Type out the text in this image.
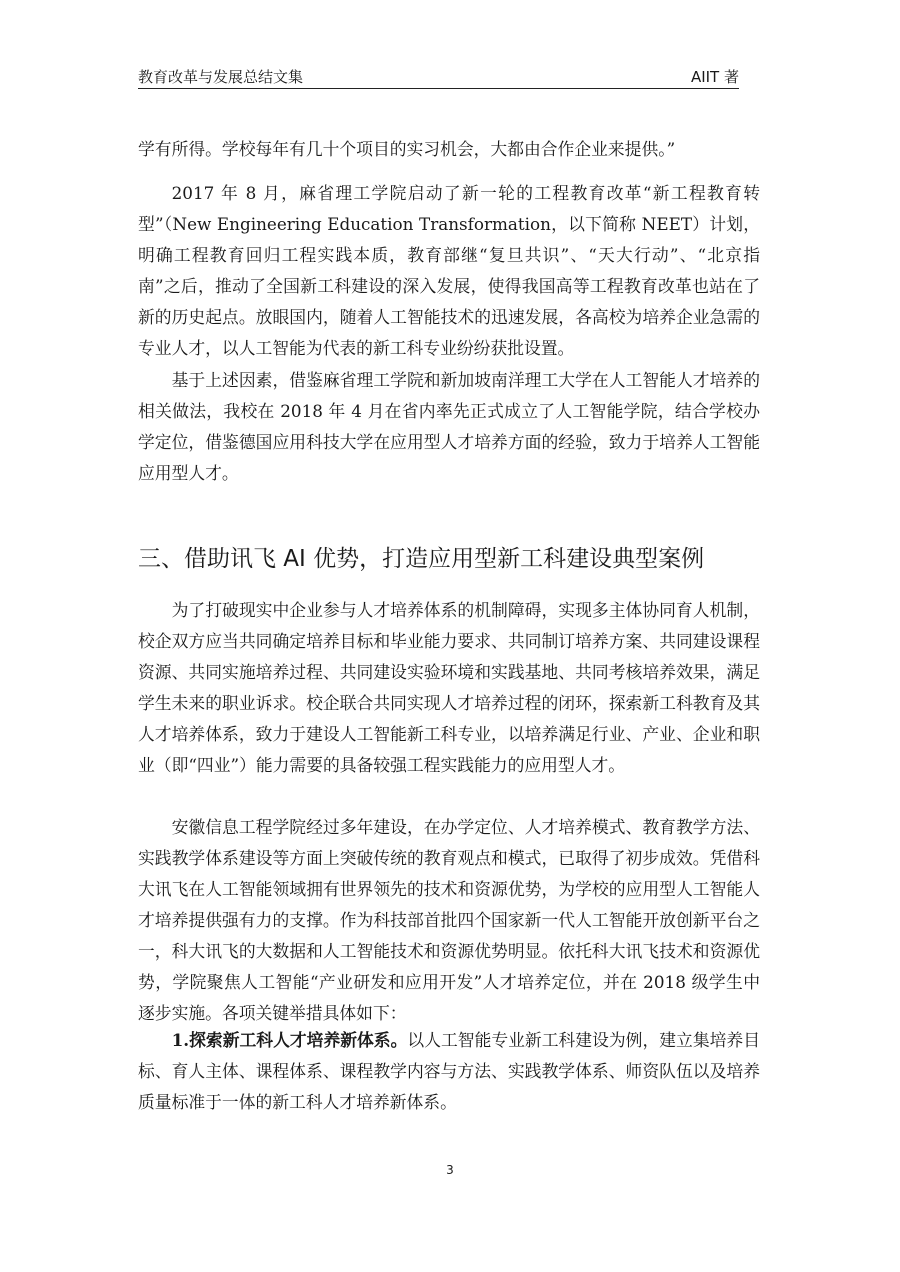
教育改革与发展总结文集	AIIT 著

学有所得。学校每年有几十个项目的实习机会，大都由合作企业来提供。”

2017 年 8 月，麻省理工学院启动了新一轮的工程教育改革“新工程教育转型”（New Engineering Education Transformation，以下简称 NEET）计划，明确工程教育回归工程实践本质，教育部继“复旦共识”、“天大行动”、“北京指南”之后，推动了全国新工科建设的深入发展，使得我国高等工程教育改革也站在了新的历史起点。放眼国内，随着人工智能技术的迅速发展，各高校为培养企业急需的专业人才，以人工智能为代表的新工科专业纷纷获批设置。

基于上述因素，借鉴麻省理工学院和新加坡南洋理工大学在人工智能人才培养的相关做法，我校在 2018 年 4 月在省内率先正式成立了人工智能学院，结合学校办学定位，借鉴德国应用科技大学在应用型人才培养方面的经验，致力于培养人工智能应用型人才。

三、借助讯飞 AI 优势，打造应用型新工科建设典型案例

为了打破现实中企业参与人才培养体系的机制障碍，实现多主体协同育人机制，校企双方应当共同确定培养目标和毕业能力要求、共同制订培养方案、共同建设课程资源、共同实施培养过程、共同建设实验环境和实践基地、共同考核培养效果，满足学生未来的职业诉求。校企联合共同实现人才培养过程的闭环，探索新工科教育及其人才培养体系，致力于建设人工智能新工科专业，以培养满足行业、产业、企业和职业（即“四业”）能力需要的具备较强工程实践能力的应用型人才。

安徽信息工程学院经过多年建设，在办学定位、人才培养模式、教育教学方法、实践教学体系建设等方面上突破传统的教育观点和模式，已取得了初步成效。凭借科大讯飞在人工智能领域拥有世界领先的技术和资源优势，为学校的应用型人工智能人才培养提供强有力的支撑。作为科技部首批四个国家新一代人工智能开放创新平台之一，科大讯飞的大数据和人工智能技术和资源优势明显。依托科大讯飞技术和资源优势，学院聚焦人工智能“产业研发和应用开发”人才培养定位，并在 2018 级学生中逐步实施。各项关键举措具体如下：

1.探索新工科人才培养新体系。以人工智能专业新工科建设为例，建立集培养目标、育人主体、课程体系、课程教学内容与方法、实践教学体系、师资队伍以及培养质量标准于一体的新工科人才培养新体系。

3
